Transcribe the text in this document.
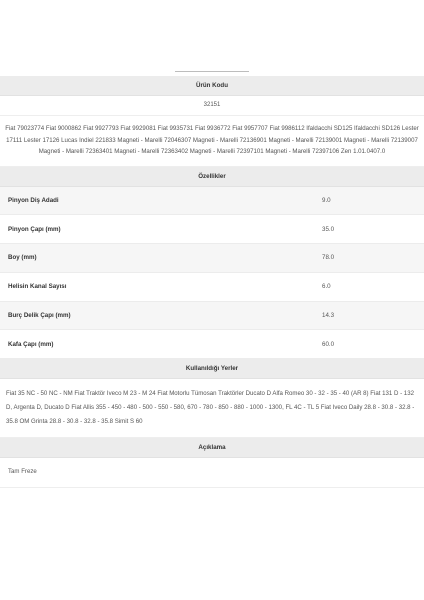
Ürün Kodu
32151
Fiat 79023774 Fiat 9000862 Fiat 9927793 Fiat 9929081 Fiat 9935731 Fiat 9936772 Fiat 9957707 Fiat 9986112 Ifaldacchi SD125 Ifaldacchi SD126 Lester 17111 Lester 17126 Lucas Indiel 221833 Magneti - Marelli 72046307 Magneti - Marelli 72136901 Magneti - Marelli 72139001 Magneti - Marelli 72139007 Magneti - Marelli 72363401 Magneti - Marelli 72363402 Magneti - Marelli 72397101 Magneti - Marelli 72397106 Zen 1.01.0407.0
Özellikler
Pinyon Diş Adadi	9.0
Pinyon Çapı (mm)	35.0
Boy (mm)	78.0
Helisin Kanal Sayısı	6.0
Burç Delik Çapı (mm)	14.3
Kafa Çapı (mm)	60.0
Kullanıldığı Yerler
Fiat 35 NC - 50 NC - NM Fiat Traktör Iveco M 23 - M 24 Fiat Motorlu Tümosan Traktörler Ducato D Alfa Romeo 30 - 32 - 35 - 40 (AR 8) Fiat 131 D - 132 D, Argenta D, Ducato D Fiat Allis 355 - 450 - 480 - 500 - 550 - 580, 670 - 780 - 850 - 880 - 1000 - 1300, FL 4C - TL 5 Fiat Iveco Daily 28.8 - 30.8 - 32.8 - 35.8 OM Grinta 28.8 - 30.8 - 32.8 - 35.8 Simit S 60
Açıklama
Tam Freze
